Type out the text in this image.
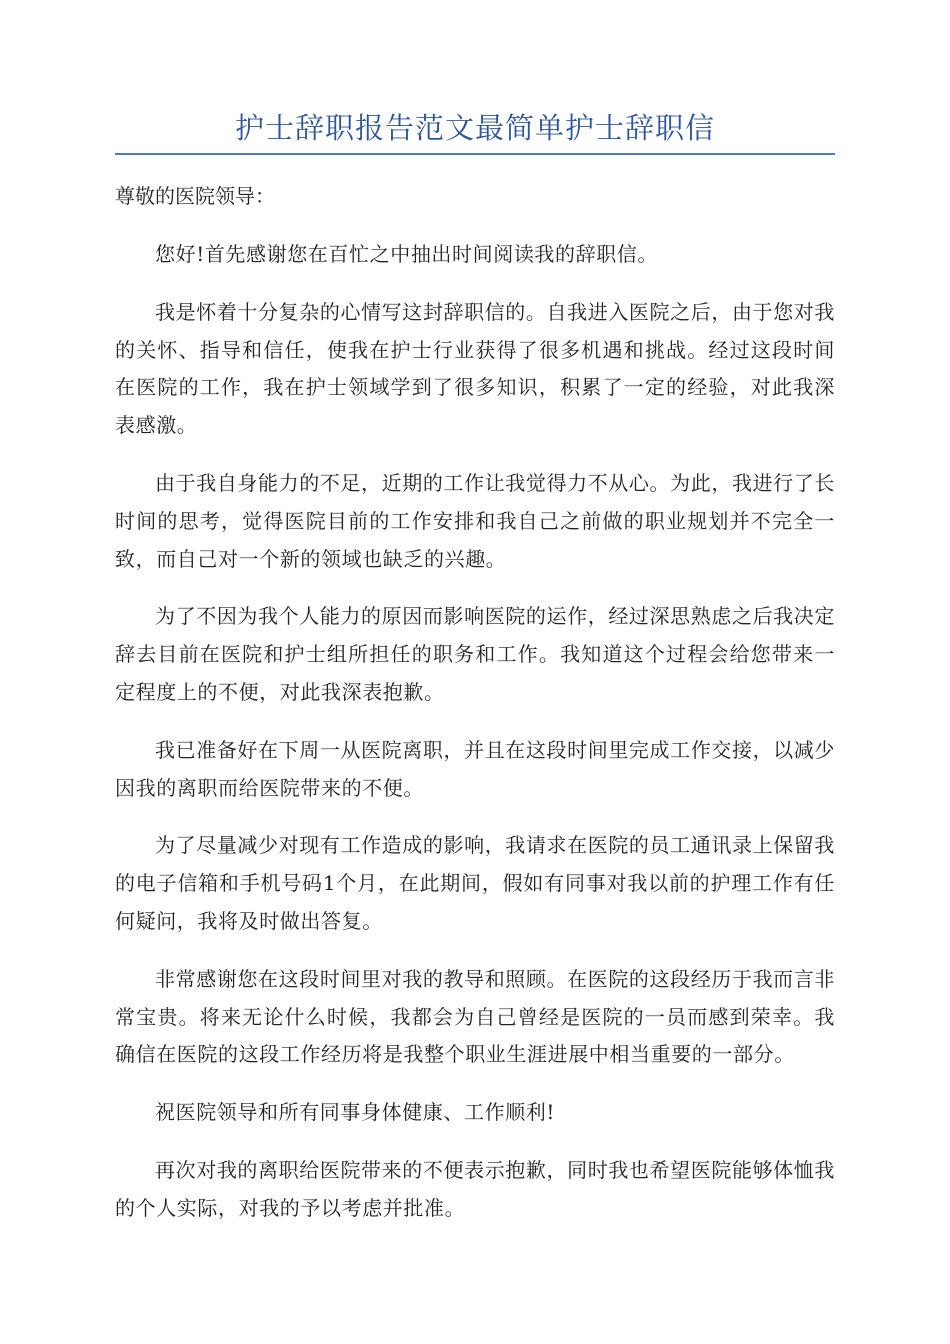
护士辞职报告范文最简单护士辞职信

尊敬的医院领导：

您好!首先感谢您在百忙之中抽出时间阅读我的辞职信。

我是怀着十分复杂的心情写这封辞职信的。自我进入医院之后，由于您对我的关怀、指导和信任，使我在护士行业获得了很多机遇和挑战。经过这段时间在医院的工作，我在护士领域学到了很多知识，积累了一定的经验，对此我深表感激。

由于我自身能力的不足，近期的工作让我觉得力不从心。为此，我进行了长时间的思考，觉得医院目前的工作安排和我自己之前做的职业规划并不完全一致，而自己对一个新的领域也缺乏的兴趣。

为了不因为我个人能力的原因而影响医院的运作，经过深思熟虑之后我决定辞去目前在医院和护士组所担任的职务和工作。我知道这个过程会给您带来一定程度上的不便，对此我深表抱歉。

我已准备好在下周一从医院离职，并且在这段时间里完成工作交接，以减少因我的离职而给医院带来的不便。

为了尽量减少对现有工作造成的影响，我请求在医院的员工通讯录上保留我的电子信箱和手机号码1个月，在此期间，假如有同事对我以前的护理工作有任何疑问，我将及时做出答复。

非常感谢您在这段时间里对我的教导和照顾。在医院的这段经历于我而言非常宝贵。将来无论什么时候，我都会为自己曾经是医院的一员而感到荣幸。我确信在医院的这段工作经历将是我整个职业生涯进展中相当重要的一部分。

祝医院领导和所有同事身体健康、工作顺利!

再次对我的离职给医院带来的不便表示抱歉，同时我也希望医院能够体恤我的个人实际，对我的予以考虑并批准。
